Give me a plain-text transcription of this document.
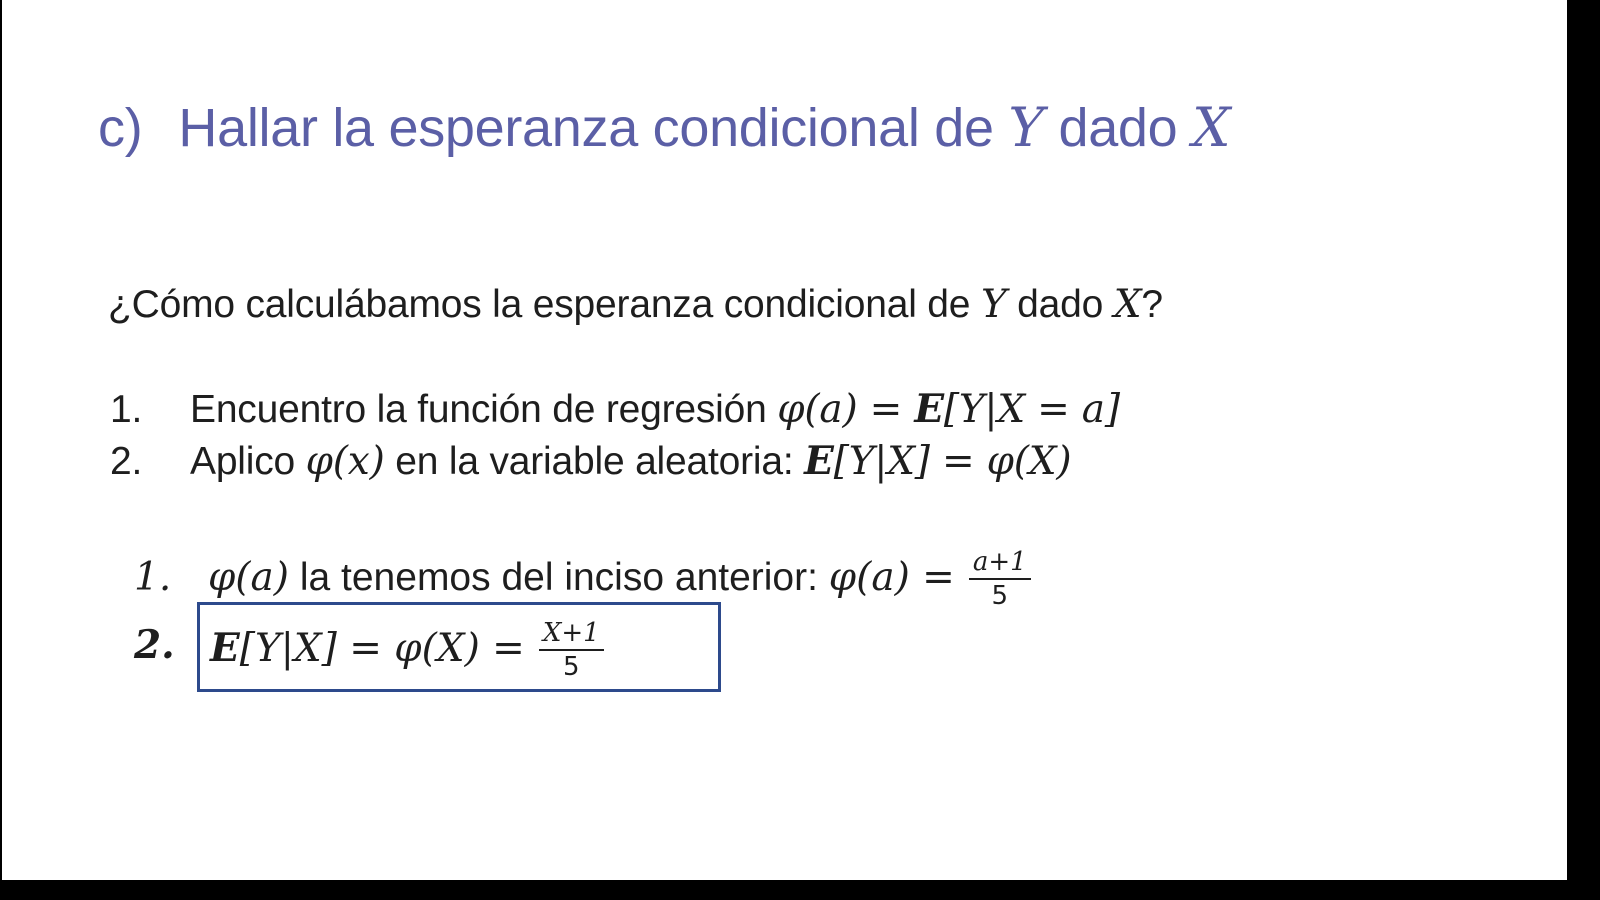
c) Hallar la esperanza condicional de Y dado X
¿Cómo calculábamos la esperanza condicional de Y dado X?
1. Encuentro la función de regresión φ(a) = E[Y|X = a]
2. Aplico φ(x) en la variable aleatoria: E[Y|X] = φ(X)
1. φ(a) la tenemos del inciso anterior: $\varphi(a) = \frac{a+1}{5}$
2. $E[Y|X] = \varphi(X) = \frac{X+1}{5}$
